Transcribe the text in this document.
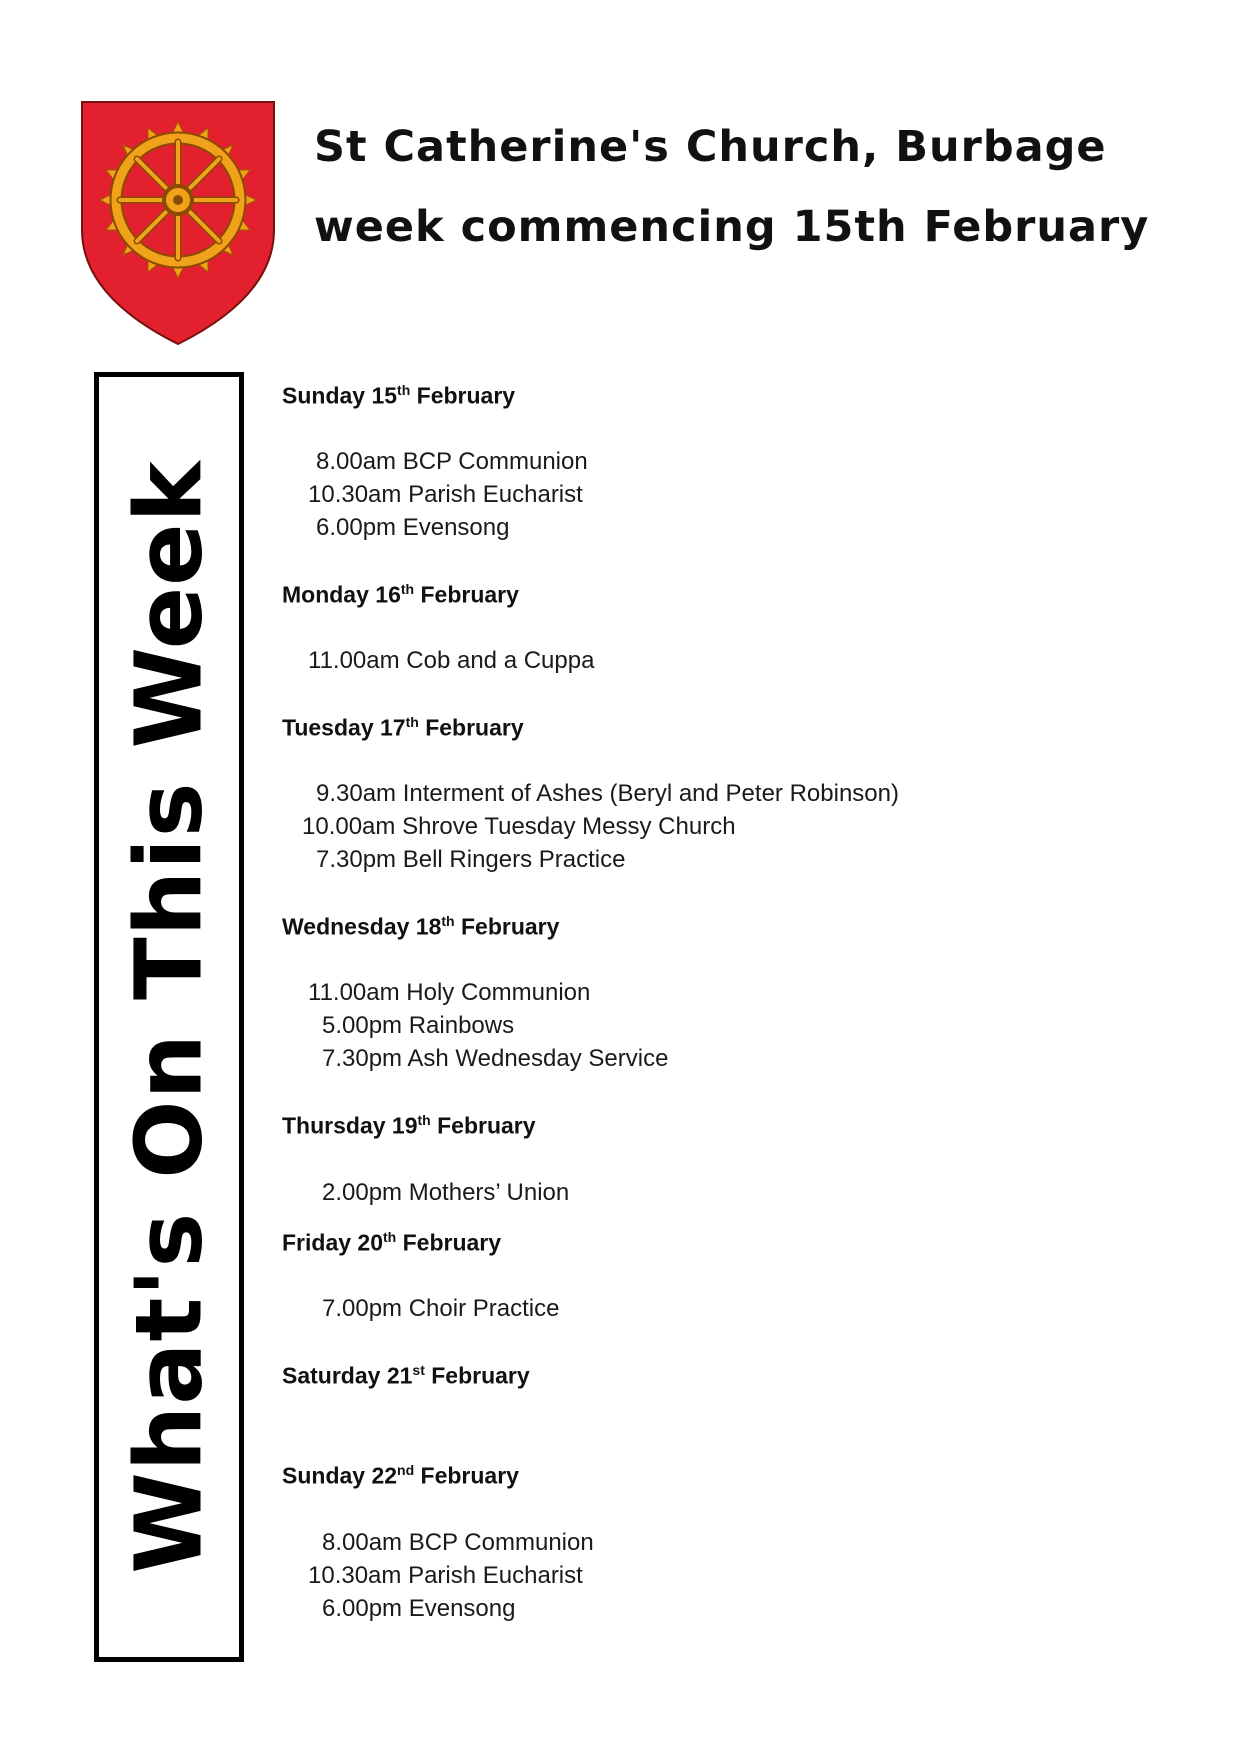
St Catherine's Church, Burbage
week commencing 15th February
What's On This Week
Sunday 15th February
8.00am BCP Communion
10.30am Parish Eucharist
6.00pm Evensong
Monday 16th February
11.00am Cob and a Cuppa
Tuesday 17th February
9.30am Interment of Ashes (Beryl and Peter Robinson)
10.00am Shrove Tuesday Messy Church
7.30pm Bell Ringers Practice
Wednesday 18th February
11.00am Holy Communion
5.00pm Rainbows
7.30pm Ash Wednesday Service
Thursday 19th February
2.00pm Mothers’ Union
Friday 20th February
7.00pm Choir Practice
Saturday 21st February
Sunday 22nd February
8.00am BCP Communion
10.30am Parish Eucharist
6.00pm Evensong
